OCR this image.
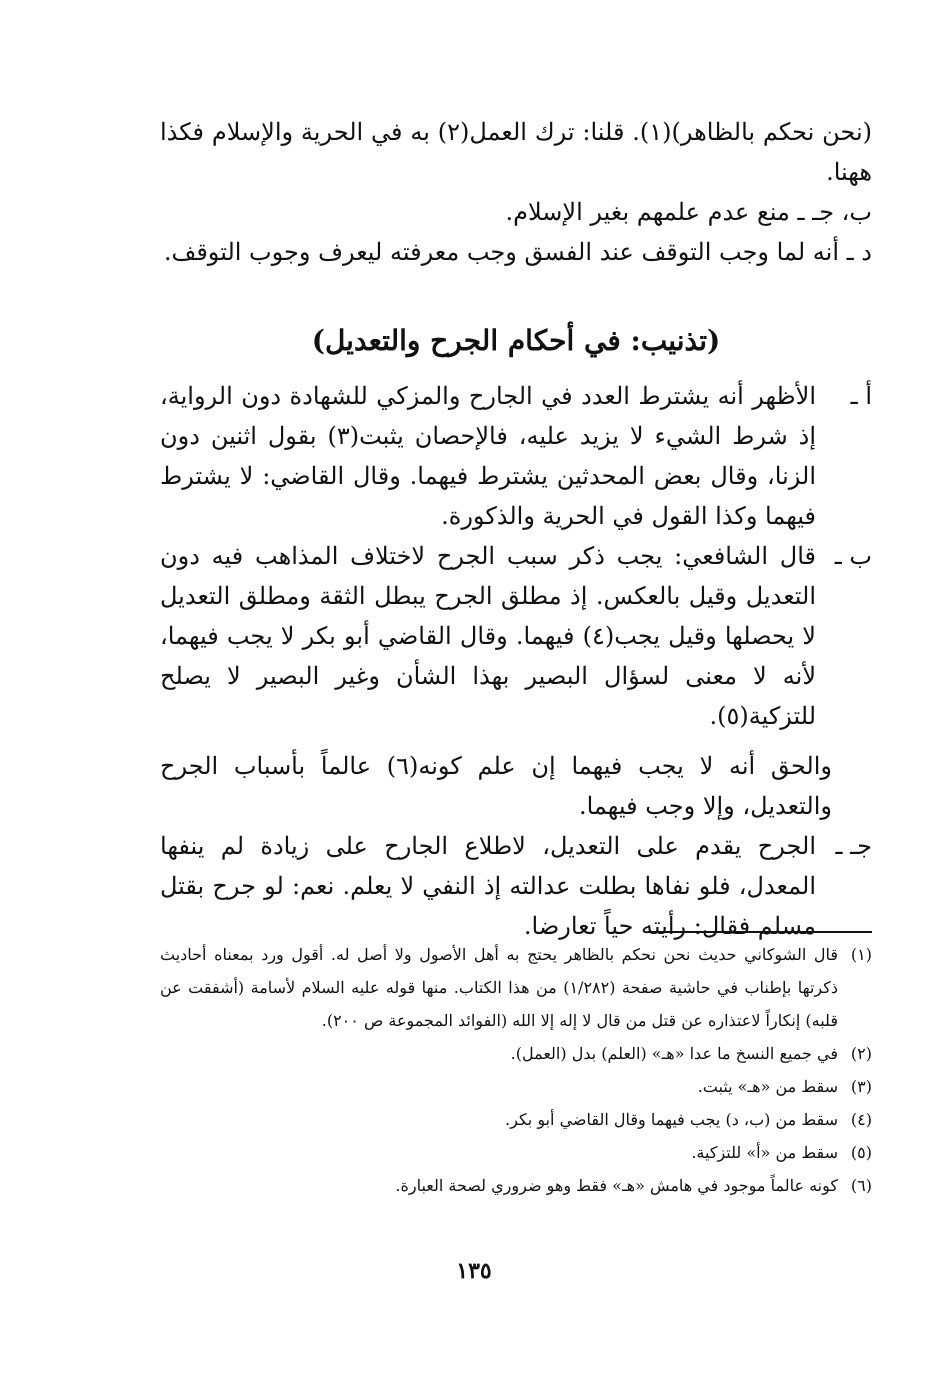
(نحن نحكم بالظاهر)(١). قلنا: ترك العمل(٢) به في الحرية والإسلام فكذا ههنا.
ب، جـ ـ منع عدم علمهم بغير الإسلام.
د ـ أنه لما وجب التوقف عند الفسق وجب معرفته ليعرف وجوب التوقف.
(تذنيب: في أحكام الجرح والتعديل)
أ ـ
الأظهر أنه يشترط العدد في الجارح والمزكي للشهادة دون الرواية، إذ شرط الشيء لا يزيد عليه، فالإحصان يثبت(٣) بقول اثنين دون الزنا، وقال بعض المحدثين يشترط فيهما. وقال القاضي: لا يشترط فيهما وكذا القول في الحرية والذكورة.
ب ـ
قال الشافعي: يجب ذكر سبب الجرح لاختلاف المذاهب فيه دون التعديل وقيل بالعكس. إذ مطلق الجرح يبطل الثقة ومطلق التعديل لا يحصلها وقيل يجب(٤) فيهما. وقال القاضي أبو بكر لا يجب فيهما، لأنه لا معنى لسؤال البصير بهذا الشأن وغير البصير لا يصلح للتزكية(٥).
والحق أنه لا يجب فيهما إن علم كونه(٦) عالماً بأسباب الجرح والتعديل، وإلا وجب فيهما.
جـ ـ
الجرح يقدم على التعديل، لاطلاع الجارح على زيادة لم ينفها المعدل، فلو نفاها بطلت عدالته إذ النفي لا يعلم. نعم: لو جرح بقتل مسلم فقال: رأيته حياً تعارضا.
(١)
قال الشوكاني حديث نحن نحكم بالظاهر يحتج به أهل الأصول ولا أصل له. أقول ورد بمعناه أحاديث ذكرتها بإطناب في حاشية صفحة (١/٢٨٢) من هذا الكتاب. منها قوله عليه السلام لأسامة (أشفقت عن قلبه) إنكاراً لاعتذاره عن قتل من قال لا إله إلا الله (الفوائد المجموعة ص ٢٠٠).
(٢)
في جميع النسخ ما عدا «هـ» (العلم) بدل (العمل).
(٣)
سقط من «هـ» يثبت.
(٤)
سقط من (ب، د) يجب فيهما وقال القاضي أبو بكر.
(٥)
سقط من «أ» للتزكية.
(٦)
كونه عالماً موجود في هامش «هـ» فقط وهو ضروري لصحة العبارة.
١٣٥
